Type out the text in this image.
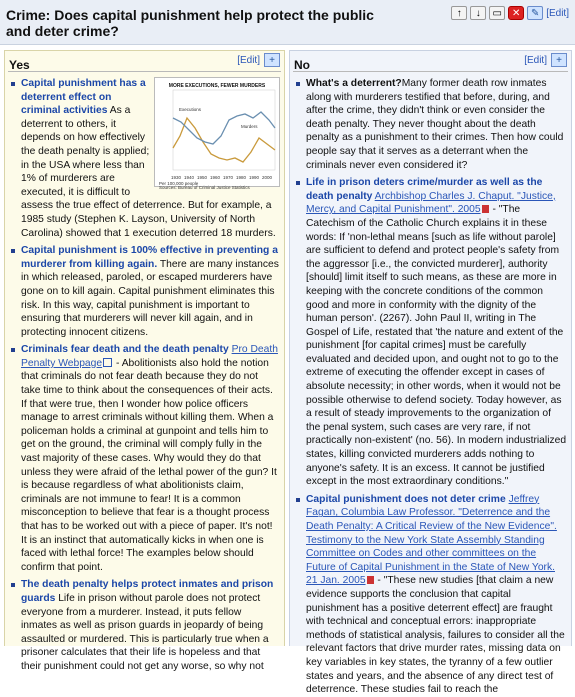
Crime: Does capital punishment help protect the public and deter crime?
↑	↓	▭	✕	✎ [Edit]
Yes	[Edit] +
MORE EXECUTIONS, FEWER MURDERS
Executions
Murders
1930 1940 1950 1960 1970 1980 1990 2000
Per 100,000 people
Sources: Bureau of Criminal Justice Statistics
Capital punishment has a deterrent effect on criminal activities As a deterrent to others, it depends on how effectively the death penalty is applied; in the USA where less than 1% of murderers are executed, it is difficult to assess the true effect of deterrence. But for example, a 1985 study (Stephen K. Layson, University of North Carolina) showed that 1 execution deterred 18 murders.
Capital punishment is 100% effective in preventing a murderer from killing again. There are many instances in which released, paroled, or escaped murderers have gone on to kill again. Capital punishment eliminates this risk. In this way, capital punishment is important to ensuring that murderers will never kill again, and in protecting innocent citizens.
Criminals fear death and the death penalty Pro Death Penalty Webpage - Abolitionists also hold the notion that criminals do not fear death because they do not take time to think about the consequences of their acts. If that were true, then I wonder how police officers manage to arrest criminals without killing them. When a policeman holds a criminal at gunpoint and tells him to get on the ground, the criminal will comply fully in the vast majority of these cases. Why would they do that unless they were afraid of the lethal power of the gun? It is because regardless of what abolitionists claim, criminals are not immune to fear! It is a common misconception to believe that fear is a thought process that has to be worked out with a piece of paper. It's not! It is an instinct that automatically kicks in when one is faced with lethal force! The examples below should confirm that point.
The death penalty helps protect inmates and prison guards Life in prison without parole does not protect everyone from a murderer. Instead, it puts fellow inmates as well as prison guards in jeopardy of being assaulted or murdered. This is particularly true when a prisoner calculates that their life is hopeless and that their punishment could not get any worse, so why not
No	[Edit] +
What's a deterrent?Many former death row inmates along with murderers testified that before, during, and after the crime, they didn't think or even consider the death penalty. They never thought about the death penalty as a punishment to their crimes. Then how could people say that it serves as a deterrant when the criminals never even considered it?
Life in prison deters crime/murder as well as the death penalty Archbishop Charles J. Chaput. "Justice, Mercy, and Capital Punishment". 2005 - "The Catechism of the Catholic Church explains it in these words: If 'non-lethal means [such as life without parole] are sufficient to defend and protect people's safety from the aggressor [i.e., the convicted murderer], authority [should] limit itself to such means, as these are more in keeping with the concrete conditions of the common good and more in conformity with the dignity of the human person'. (2267). John Paul II, writing in The Gospel of Life, restated that 'the nature and extent of the punishment [for capital crimes] must be carefully evaluated and decided upon, and ought not to go to the extreme of executing the offender except in cases of absolute necessity; in other words, when it would not be possible otherwise to defend society. Today however, as a result of steady improvements to the organization of the penal system, such cases are very rare, if not practically non-existent' (no. 56). In modern industrialized states, killing convicted murderers adds nothing to anyone's safety. It is an excess. It cannot be justified except in the most extraordinary conditions."
Capital punishment does not deter crime Jeffrey Fagan, Columbia Law Professor. "Deterrence and the Death Penalty: A Critical Review of the New Evidence". Testimony to the New York State Assembly Standing Committee on Codes and other committees on the Future of Capital Punishment in the State of New York. 21 Jan. 2005 - "These new studies [that claim a new evidence supports the conclusion that capital punishment has a positive deterrent effect] are fraught with technical and conceptual errors: inappropriate methods of statistical analysis, failures to consider all the relevant factors that drive murder rates, missing data on key variables in key states, the tyranny of a few outlier states and years, and the absence of any direct test of deterrence. These studies fail to reach the
